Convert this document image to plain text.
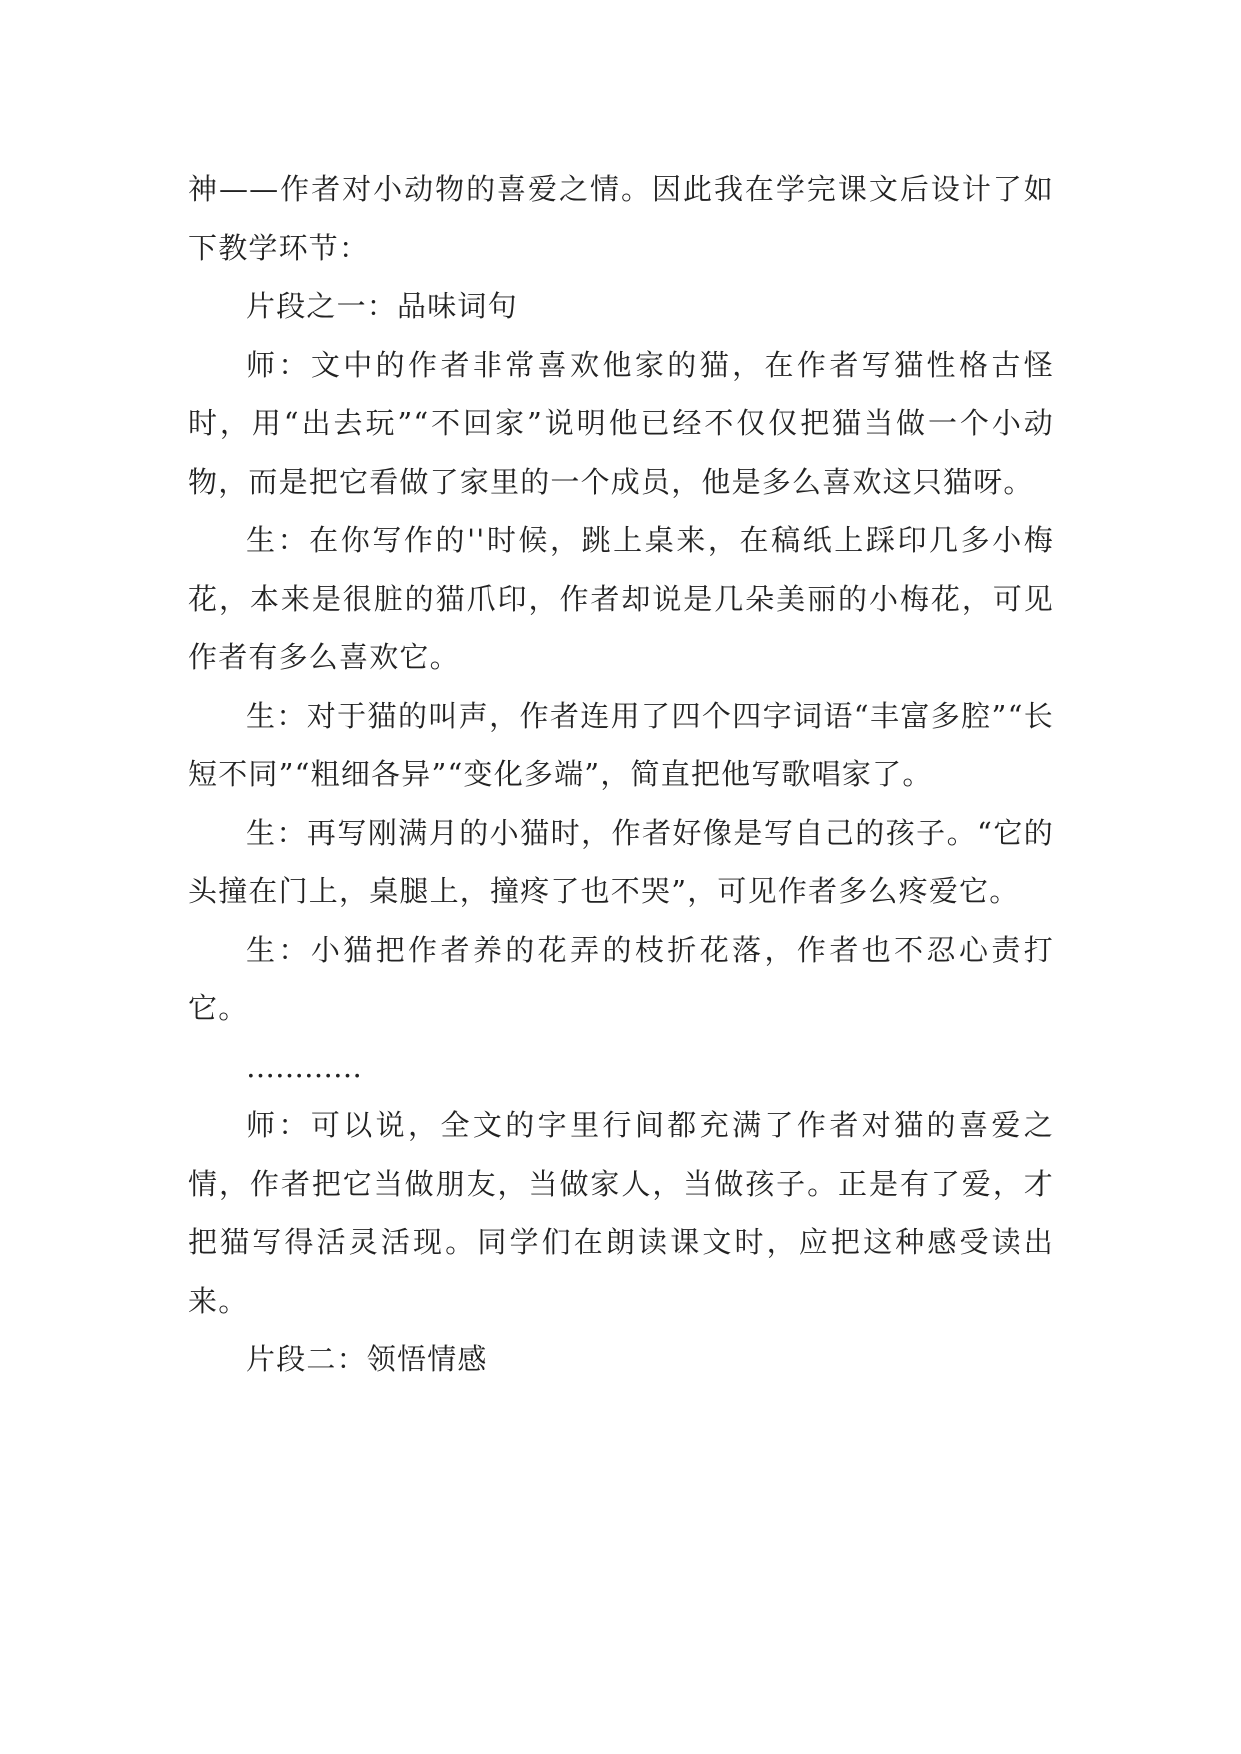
神——作者对小动物的喜爱之情。因此我在学完课文后设计了如下教学环节：

片段之一：品味词句

师：文中的作者非常喜欢他家的猫，在作者写猫性格古怪时，用“出去玩”“不回家”说明他已经不仅仅把猫当做一个小动物，而是把它看做了家里的一个成员，他是多么喜欢这只猫呀。

生：在你写作的''时候，跳上桌来，在稿纸上踩印几多小梅花，本来是很脏的猫爪印，作者却说是几朵美丽的小梅花，可见作者有多么喜欢它。

生：对于猫的叫声，作者连用了四个四字词语“丰富多腔”“长短不同”“粗细各异”“变化多端”，简直把他写歌唱家了。

生：再写刚满月的小猫时，作者好像是写自己的孩子。“它的头撞在门上，桌腿上，撞疼了也不哭”，可见作者多么疼爱它。

生：小猫把作者养的花弄的枝折花落，作者也不忍心责打它。

…………

师：可以说，全文的字里行间都充满了作者对猫的喜爱之情，作者把它当做朋友，当做家人，当做孩子。正是有了爱，才把猫写得活灵活现。同学们在朗读课文时，应把这种感受读出来。

片段二：领悟情感
